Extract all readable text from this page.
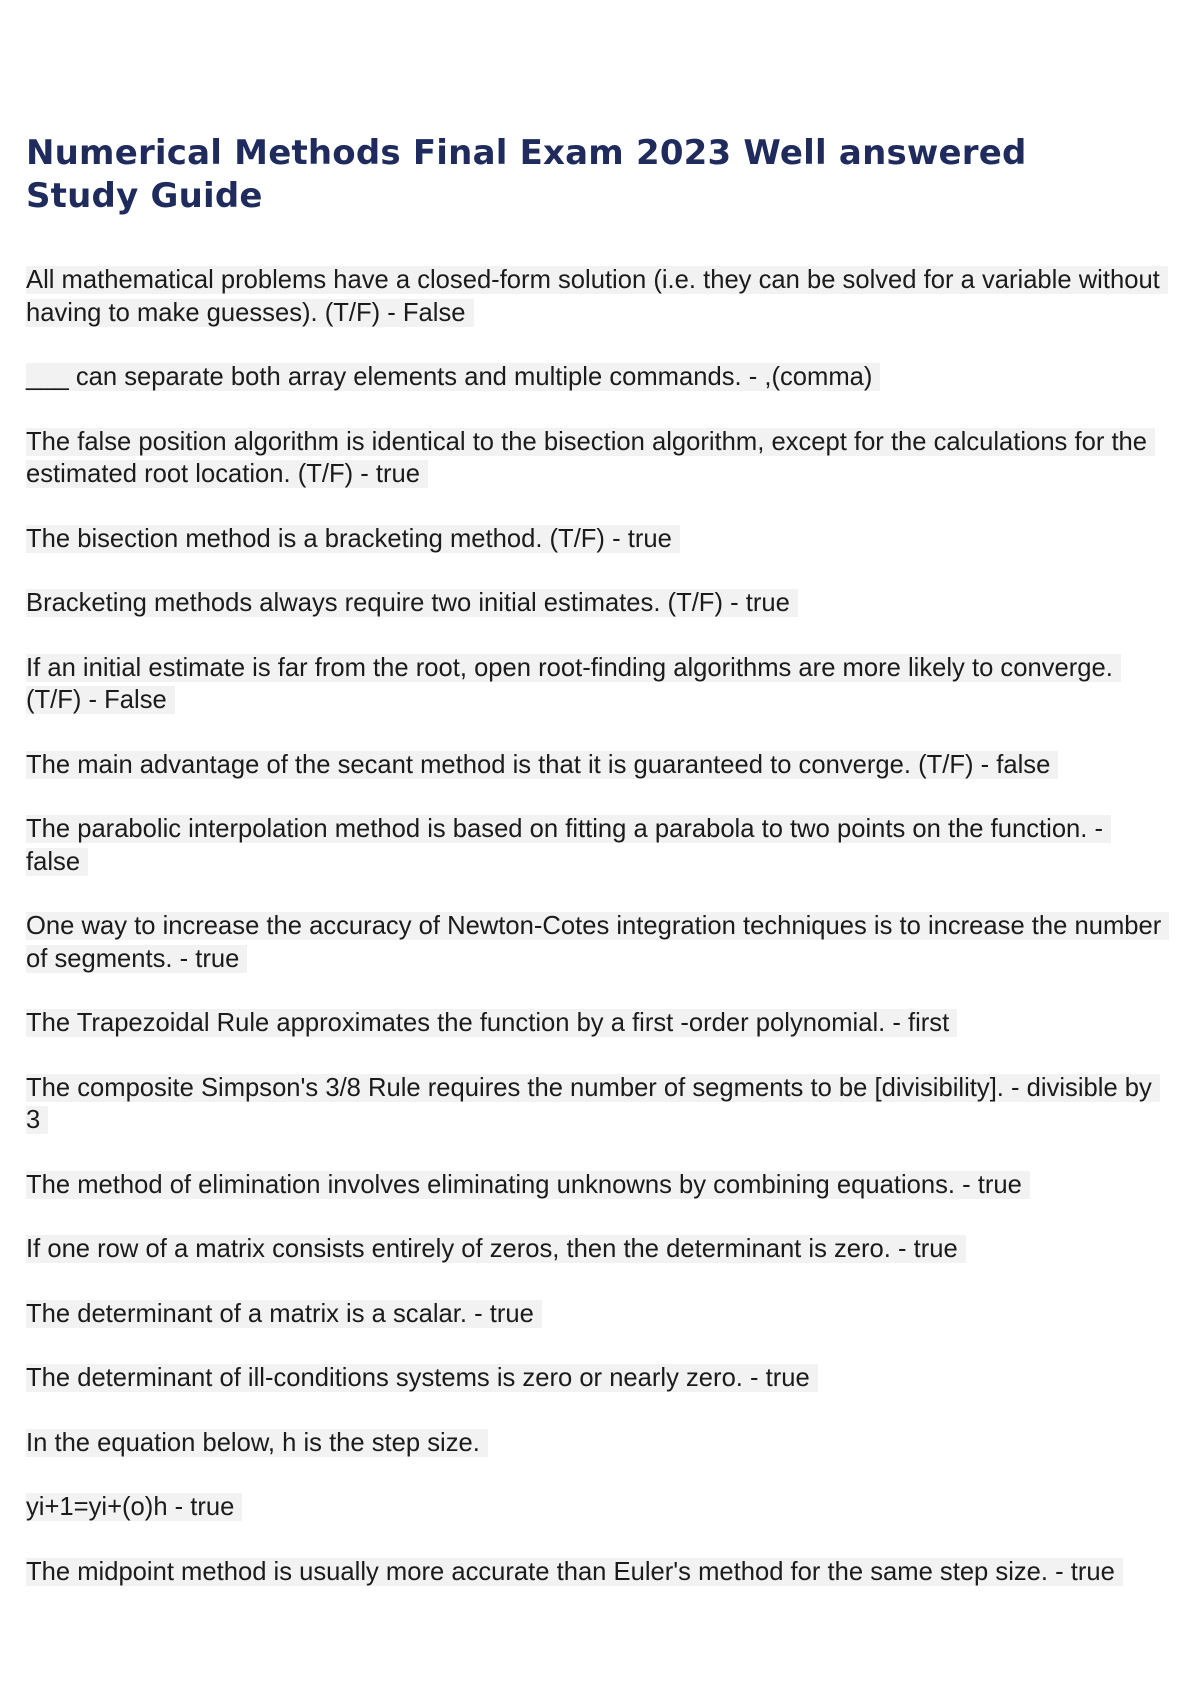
Numerical Methods Final Exam 2023 Well answered Study Guide
All mathematical problems have a closed-form solution (i.e. they can be solved for a variable without having to make guesses). (T/F) - False
___ can separate both array elements and multiple commands. - ,(comma)
The false position algorithm is identical to the bisection algorithm, except for the calculations for the estimated root location. (T/F) - true
The bisection method is a bracketing method. (T/F) - true
Bracketing methods always require two initial estimates. (T/F) - true
If an initial estimate is far from the root, open root-finding algorithms are more likely to converge. (T/F) - False
The main advantage of the secant method is that it is guaranteed to converge. (T/F) - false
The parabolic interpolation method is based on fitting a parabola to two points on the function. - false
One way to increase the accuracy of Newton-Cotes integration techniques is to increase the number of segments. - true
The Trapezoidal Rule approximates the function by a first -order polynomial. - first
The composite Simpson's 3/8 Rule requires the number of segments to be [divisibility]. - divisible by 3
The method of elimination involves eliminating unknowns by combining equations. - true
If one row of a matrix consists entirely of zeros, then the determinant is zero. - true
The determinant of a matrix is a scalar. - true
The determinant of ill-conditions systems is zero or nearly zero. - true
In the equation below, h is the step size.
yi+1=yi+(o)h - true
The midpoint method is usually more accurate than Euler's method for the same step size. - true
